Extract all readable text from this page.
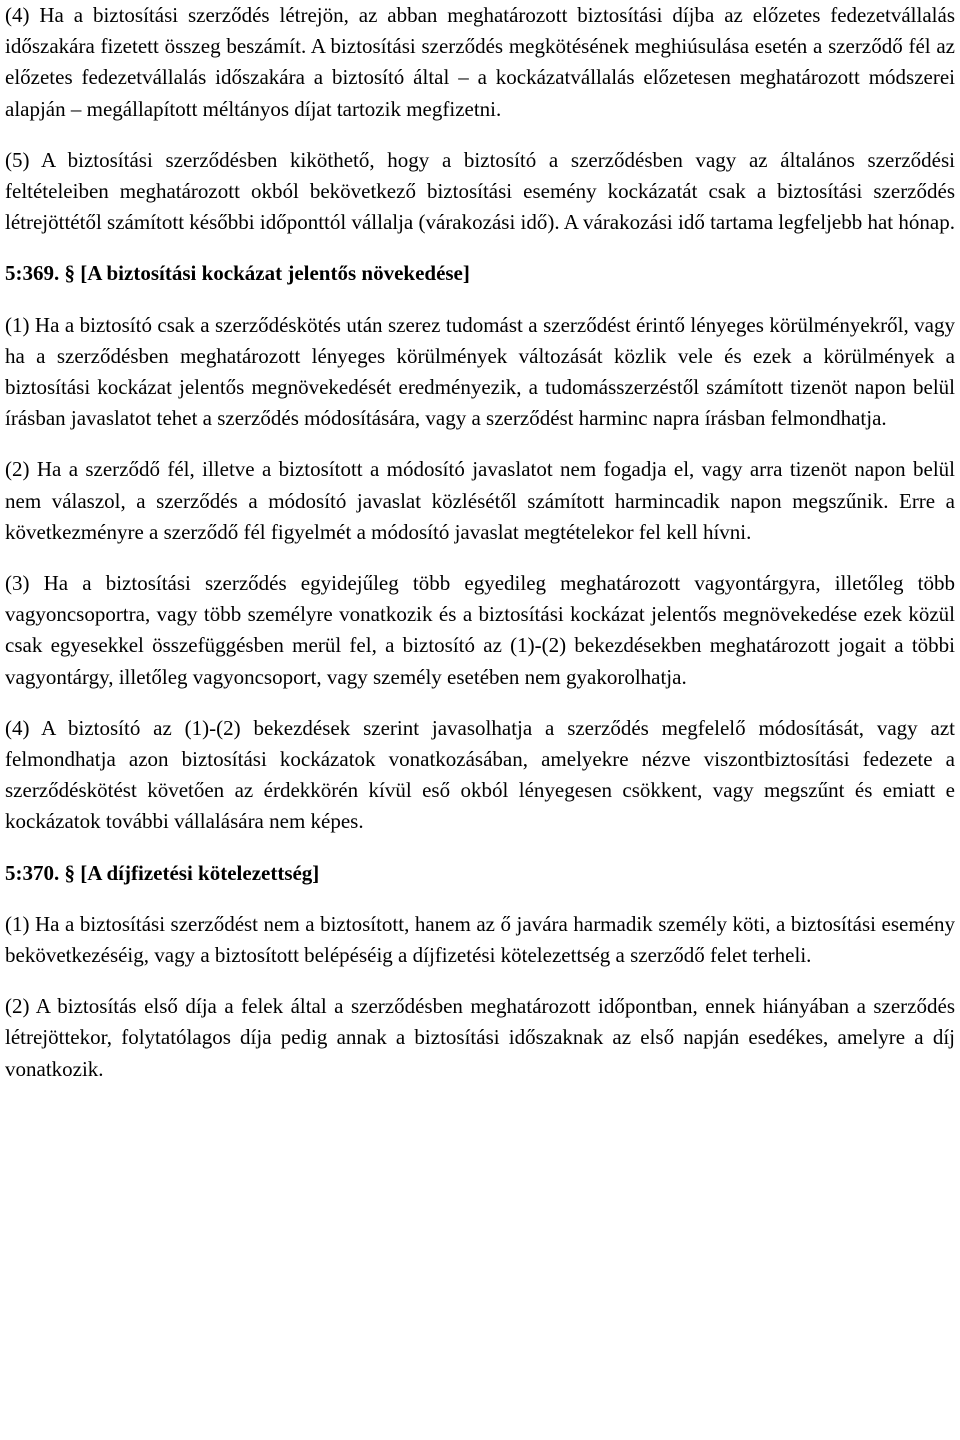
(4) Ha a biztosítási szerződés létrejön, az abban meghatározott biztosítási díjba az előzetes fedezetvállalás időszakára fizetett összeg beszámít. A biztosítási szerződés megkötésének meghiúsulása esetén a szerződő fél az előzetes fedezetvállalás időszakára a biztosító által – a kockázatvállalás előzetesen meghatározott módszerei alapján – megállapított méltányos díjat tartozik megfizetni.

(5) A biztosítási szerződésben kiköthető, hogy a biztosító a szerződésben vagy az általános szerződési feltételeiben meghatározott okból bekövetkező biztosítási esemény kockázatát csak a biztosítási szerződés létrejöttétől számított későbbi időponttól vállalja (várakozási idő). A várakozási idő tartama legfeljebb hat hónap.

5:369. § [A biztosítási kockázat jelentős növekedése]

(1) Ha a biztosító csak a szerződéskötés után szerez tudomást a szerződést érintő lényeges körülményekről, vagy ha a szerződésben meghatározott lényeges körülmények változását közlik vele és ezek a körülmények a biztosítási kockázat jelentős megnövekedését eredményezik, a tudomásszerzéstől számított tizenöt napon belül írásban javaslatot tehet a szerződés módosítására, vagy a szerződést harminc napra írásban felmondhatja.

(2) Ha a szerződő fél, illetve a biztosított a módosító javaslatot nem fogadja el, vagy arra tizenöt napon belül nem válaszol, a szerződés a módosító javaslat közlésétől számított harmincadik napon megszűnik. Erre a következményre a szerződő fél figyelmét a módosító javaslat megtételekor fel kell hívni.

(3) Ha a biztosítási szerződés egyidejűleg több egyedileg meghatározott vagyontárgyra, illetőleg több vagyoncsoportra, vagy több személyre vonatkozik és a biztosítási kockázat jelentős megnövekedése ezek közül csak egyesekkel összefüggésben merül fel, a biztosító az (1)-(2) bekezdésekben meghatározott jogait a többi vagyontárgy, illetőleg vagyoncsoport, vagy személy esetében nem gyakorolhatja.

(4) A biztosító az (1)-(2) bekezdések szerint javasolhatja a szerződés megfelelő módosítását, vagy azt felmondhatja azon biztosítási kockázatok vonatkozásában, amelyekre nézve viszontbiztosítási fedezete a szerződéskötést követően az érdekkörén kívül eső okból lényegesen csökkent, vagy megszűnt és emiatt e kockázatok további vállalására nem képes.

5:370. § [A díjfizetési kötelezettség]

(1) Ha a biztosítási szerződést nem a biztosított, hanem az ő javára harmadik személy köti, a biztosítási esemény bekövetkezéséig, vagy a biztosított belépéséig a díjfizetési kötelezettség a szerződő felet terheli.

(2) A biztosítás első díja a felek által a szerződésben meghatározott időpontban, ennek hiányában a szerződés létrejöttekor, folytatólagos díja pedig annak a biztosítási időszaknak az első napján esedékes, amelyre a díj vonatkozik.
